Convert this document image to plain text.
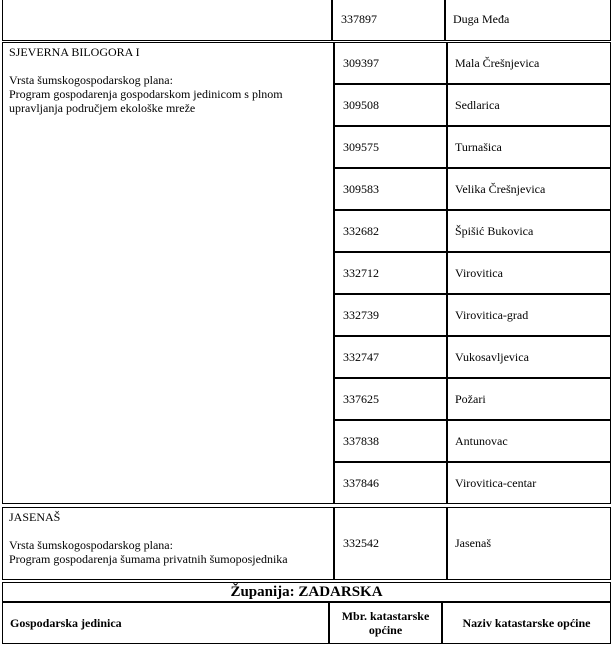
	337897	Duga Međa
SJEVERNA BILOGORA I
Vrsta šumskogospodarskog plana:
Program gospodarenja gospodarskom jedinicom s plnom upravljanja područjem ekološke mreže	309397	Mala Črešnjevica
	309508	Sedlarica
	309575	Turnašica
	309583	Velika Črešnjevica
	332682	Špišić Bukovica
	332712	Virovitica
	332739	Virovitica-grad
	332747	Vukosavljevica
	337625	Požari
	337838	Antunovac
	337846	Virovitica-centar
JASENAŠ
Vrsta šumskogospodarskog plana:
Program gospodarenja šumama privatnih šumoposjednika
	332542	Jasenaš
Županija: ZADARSKA
Gospodarska jedinica	Mbr. katastarske općine	Naziv katastarske općine
